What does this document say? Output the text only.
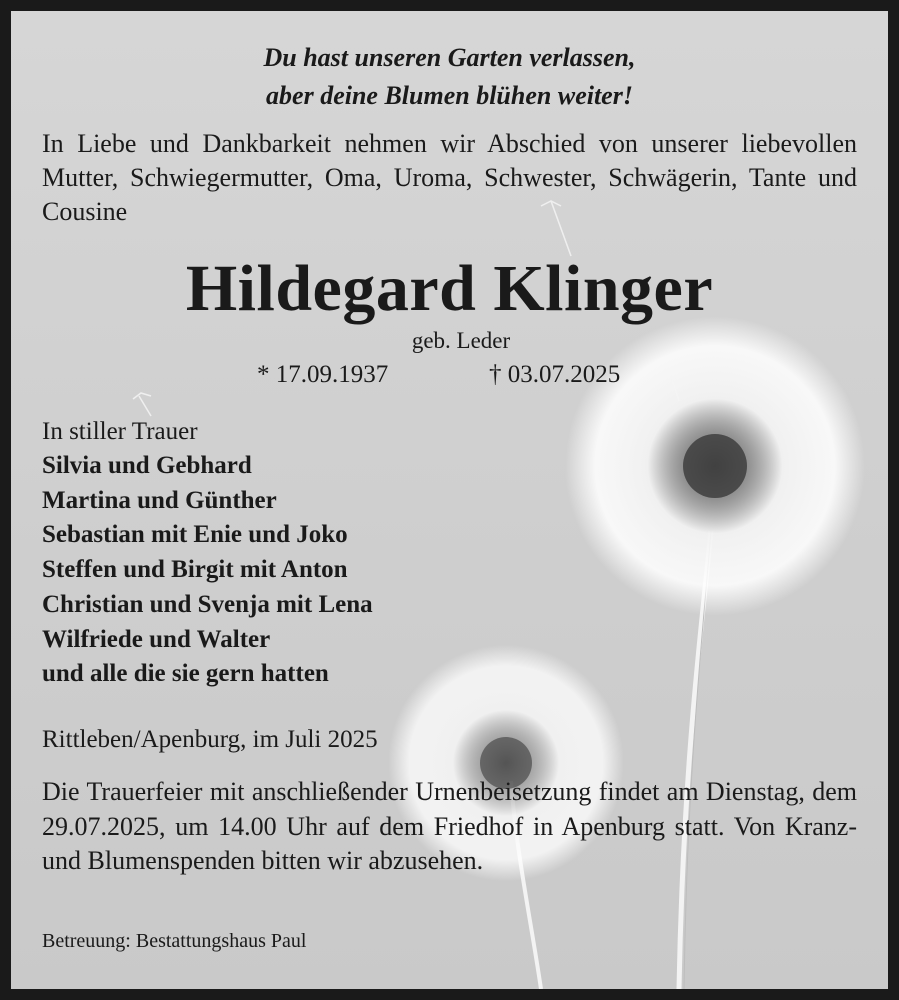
Du hast unseren Garten verlassen,
aber deine Blumen blühen weiter!

In Liebe und Dankbarkeit nehmen wir Abschied von unserer liebevollen Mutter, Schwiegermutter, Oma, Uroma, Schwester, Schwägerin, Tante und Cousine

Hildegard Klinger
geb. Leder
* 17.09.1937	† 03.07.2025
In stiller Trauer
Silvia und Gebhard
Martina und Günther
Sebastian mit Enie und Joko
Steffen und Birgit mit Anton
Christian und Svenja mit Lena
Wilfriede und Walter
und alle die sie gern hatten
Rittleben/Apenburg, im Juli 2025

Die Trauerfeier mit anschließender Urnenbeisetzung findet am Dienstag, dem 29.07.2025, um 14.00 Uhr auf dem Friedhof in Apenburg statt. Von Kranz- und Blumenspenden bitten wir abzusehen.

Betreuung: Bestattungshaus Paul
